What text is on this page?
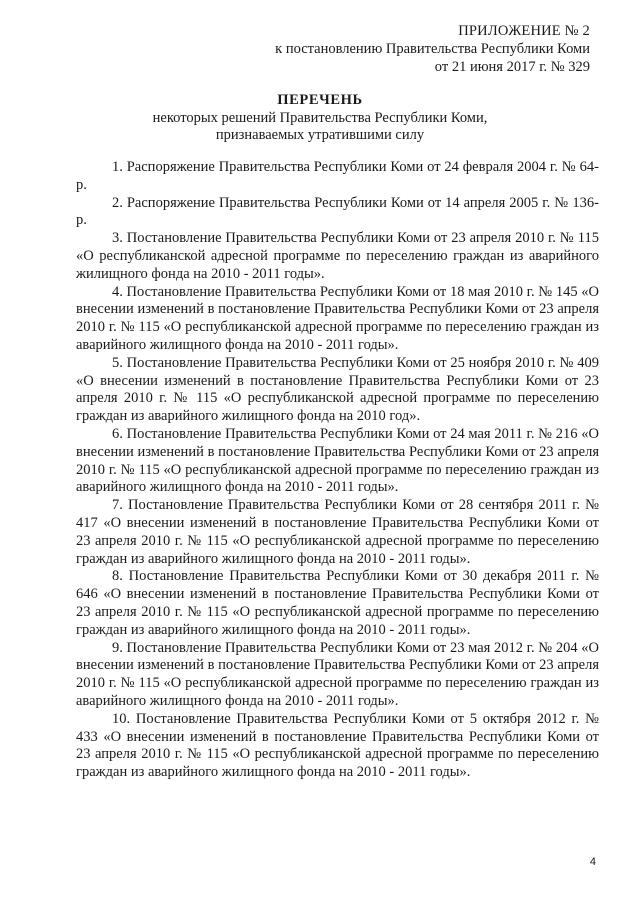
ПРИЛОЖЕНИЕ № 2
к постановлению Правительства Республики Коми
от 21 июня 2017 г. № 329
ПЕРЕЧЕНЬ
некоторых решений Правительства Республики Коми,
признаваемых утратившими силу

1. Распоряжение Правительства Республики Коми от 24 февраля 2004 г. № 64-р.

2. Распоряжение Правительства Республики Коми от 14 апреля 2005 г. № 136-р.

3. Постановление Правительства Республики Коми от 23 апреля 2010 г. № 115 «О республиканской адресной программе по переселению граждан из аварийного жилищного фонда на 2010 - 2011 годы».

4. Постановление Правительства Республики Коми от 18 мая 2010 г. № 145 «О внесении изменений в постановление Правительства Республики Коми от 23 апреля 2010 г. № 115 «О республиканской адресной программе по переселению граждан из аварийного жилищного фонда на 2010 - 2011 годы».

5. Постановление Правительства Республики Коми от 25 ноября 2010 г. № 409 «О внесении изменений в постановление Правительства Республики Коми от 23 апреля 2010 г. № 115 «О республиканской адресной программе по переселению граждан из аварийного жилищного фонда на 2010 год».

6. Постановление Правительства Республики Коми от 24 мая 2011 г. № 216 «О внесении изменений в постановление Правительства Республики Коми от 23 апреля 2010 г. № 115 «О республиканской адресной программе по переселению граждан из аварийного жилищного фонда на 2010 - 2011 годы».

7. Постановление Правительства Республики Коми от 28 сентября 2011 г. № 417 «О внесении изменений в постановление Правительства Республики Коми от 23 апреля 2010 г. № 115 «О республиканской адресной программе по переселению граждан из аварийного жилищного фонда на 2010 - 2011 годы».

8. Постановление Правительства Республики Коми от 30 декабря 2011 г. № 646 «О внесении изменений в постановление Правительства Республики Коми от 23 апреля 2010 г. № 115 «О республиканской адресной программе по переселению граждан из аварийного жилищного фонда на 2010 - 2011 годы».

9. Постановление Правительства Республики Коми от 23 мая 2012 г. № 204 «О внесении изменений в постановление Правительства Республики Коми от 23 апреля 2010 г. № 115 «О республиканской адресной программе по переселению граждан из аварийного жилищного фонда на 2010 - 2011 годы».

10. Постановление Правительства Республики Коми от 5 октября 2012 г. № 433 «О внесении изменений в постановление Правительства Республики Коми от 23 апреля 2010 г. № 115 «О республиканской адресной программе по переселению граждан из аварийного жилищного фонда на 2010 - 2011 годы».

4
